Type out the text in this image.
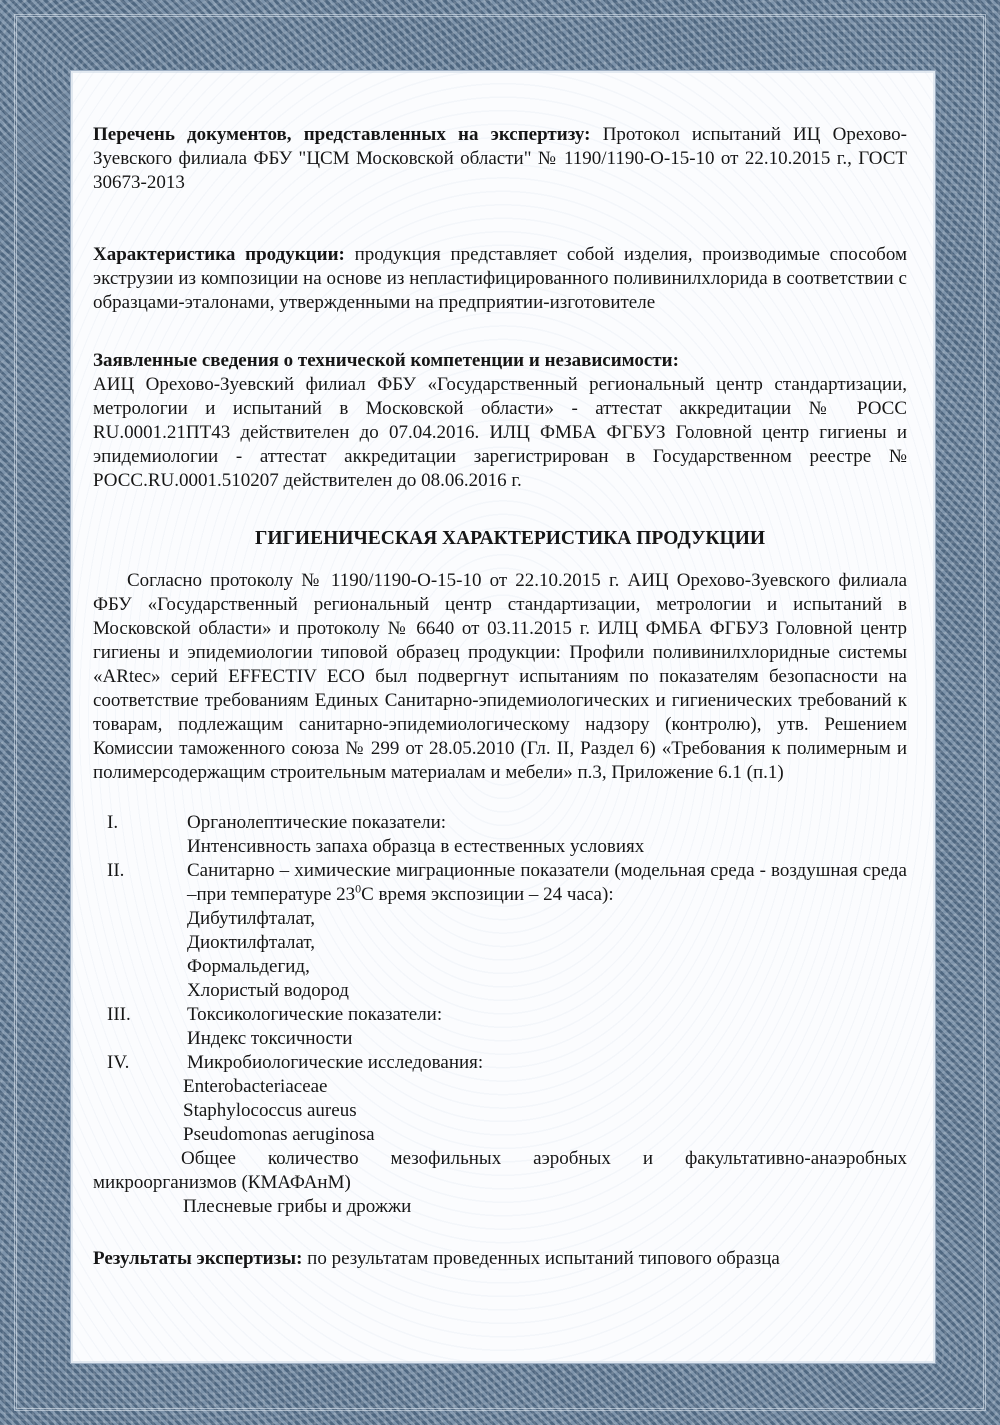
Перечень документов, представленных на экспертизу: Протокол испытаний ИЦ Орехово-Зуевского филиала ФБУ "ЦСМ Московской области" № 1190/1190-О-15-10 от 22.10.2015 г., ГОСТ 30673-2013

Характеристика продукции: продукция представляет собой изделия, производимые способом экструзии из композиции на основе из непластифицированного поливинилхлорида в соответствии с образцами-эталонами, утвержденными на предприятии-изготовителе

Заявленные сведения о технической компетенции и независимости:
АИЦ Орехово-Зуевский филиал ФБУ «Государственный региональный центр стандартизации, метрологии и испытаний в Московской области» - аттестат аккредитации № РОСС RU.0001.21ПТ43 действителен до 07.04.2016. ИЛЦ ФМБА ФГБУЗ Головной центр гигиены и эпидемиологии - аттестат аккредитации зарегистрирован в Государственном реестре № РОСС.RU.0001.510207 действителен до 08.06.2016 г.

ГИГИЕНИЧЕСКАЯ ХАРАКТЕРИСТИКА ПРОДУКЦИИ

Согласно протоколу № 1190/1190-О-15-10 от 22.10.2015 г. АИЦ Орехово-Зуевского филиала ФБУ «Государственный региональный центр стандартизации, метрологии и испытаний в Московской области» и протоколу № 6640 от 03.11.2015 г. ИЛЦ ФМБА ФГБУЗ Головной центр гигиены и эпидемиологии типовой образец продукции: Профили поливинилхлоридные системы «ARtec» серий EFFECTIV ECO был подвергнут испытаниям по показателям безопасности на соответствие требованиям Единых Санитарно-эпидемиологических и гигиенических требований к товарам, подлежащим санитарно-эпидемиологическому надзору (контролю), утв. Решением Комиссии таможенного союза № 299 от 28.05.2010 (Гл. II, Раздел 6) «Требования к полимерным и полимерсодержащим строительным материалам и мебели» п.3, Приложение 6.1 (п.1)

I.	Органолептические показатели:
Интенсивность запаха образца в естественных условиях
II.	Санитарно – химические миграционные показатели (модельная среда - воздушная среда –при температуре $23^0С$ время экспозиции – 24 часа):
Дибутилфталат,
Диоктилфталат,
Формальдегид,
Хлористый водород
III.	Токсикологические показатели:
Индекс токсичности
IV.	Микробиологические исследования:
Enterobacteriaceae
Staphylococcus aureus
Pseudomonas aeruginosa

Общее количество мезофильных аэробных и факультативно-анаэробных микроорганизмов (КМАФАнМ)

Плесневые грибы и дрожжи

Результаты экспертизы: по результатам проведенных испытаний типового образца
